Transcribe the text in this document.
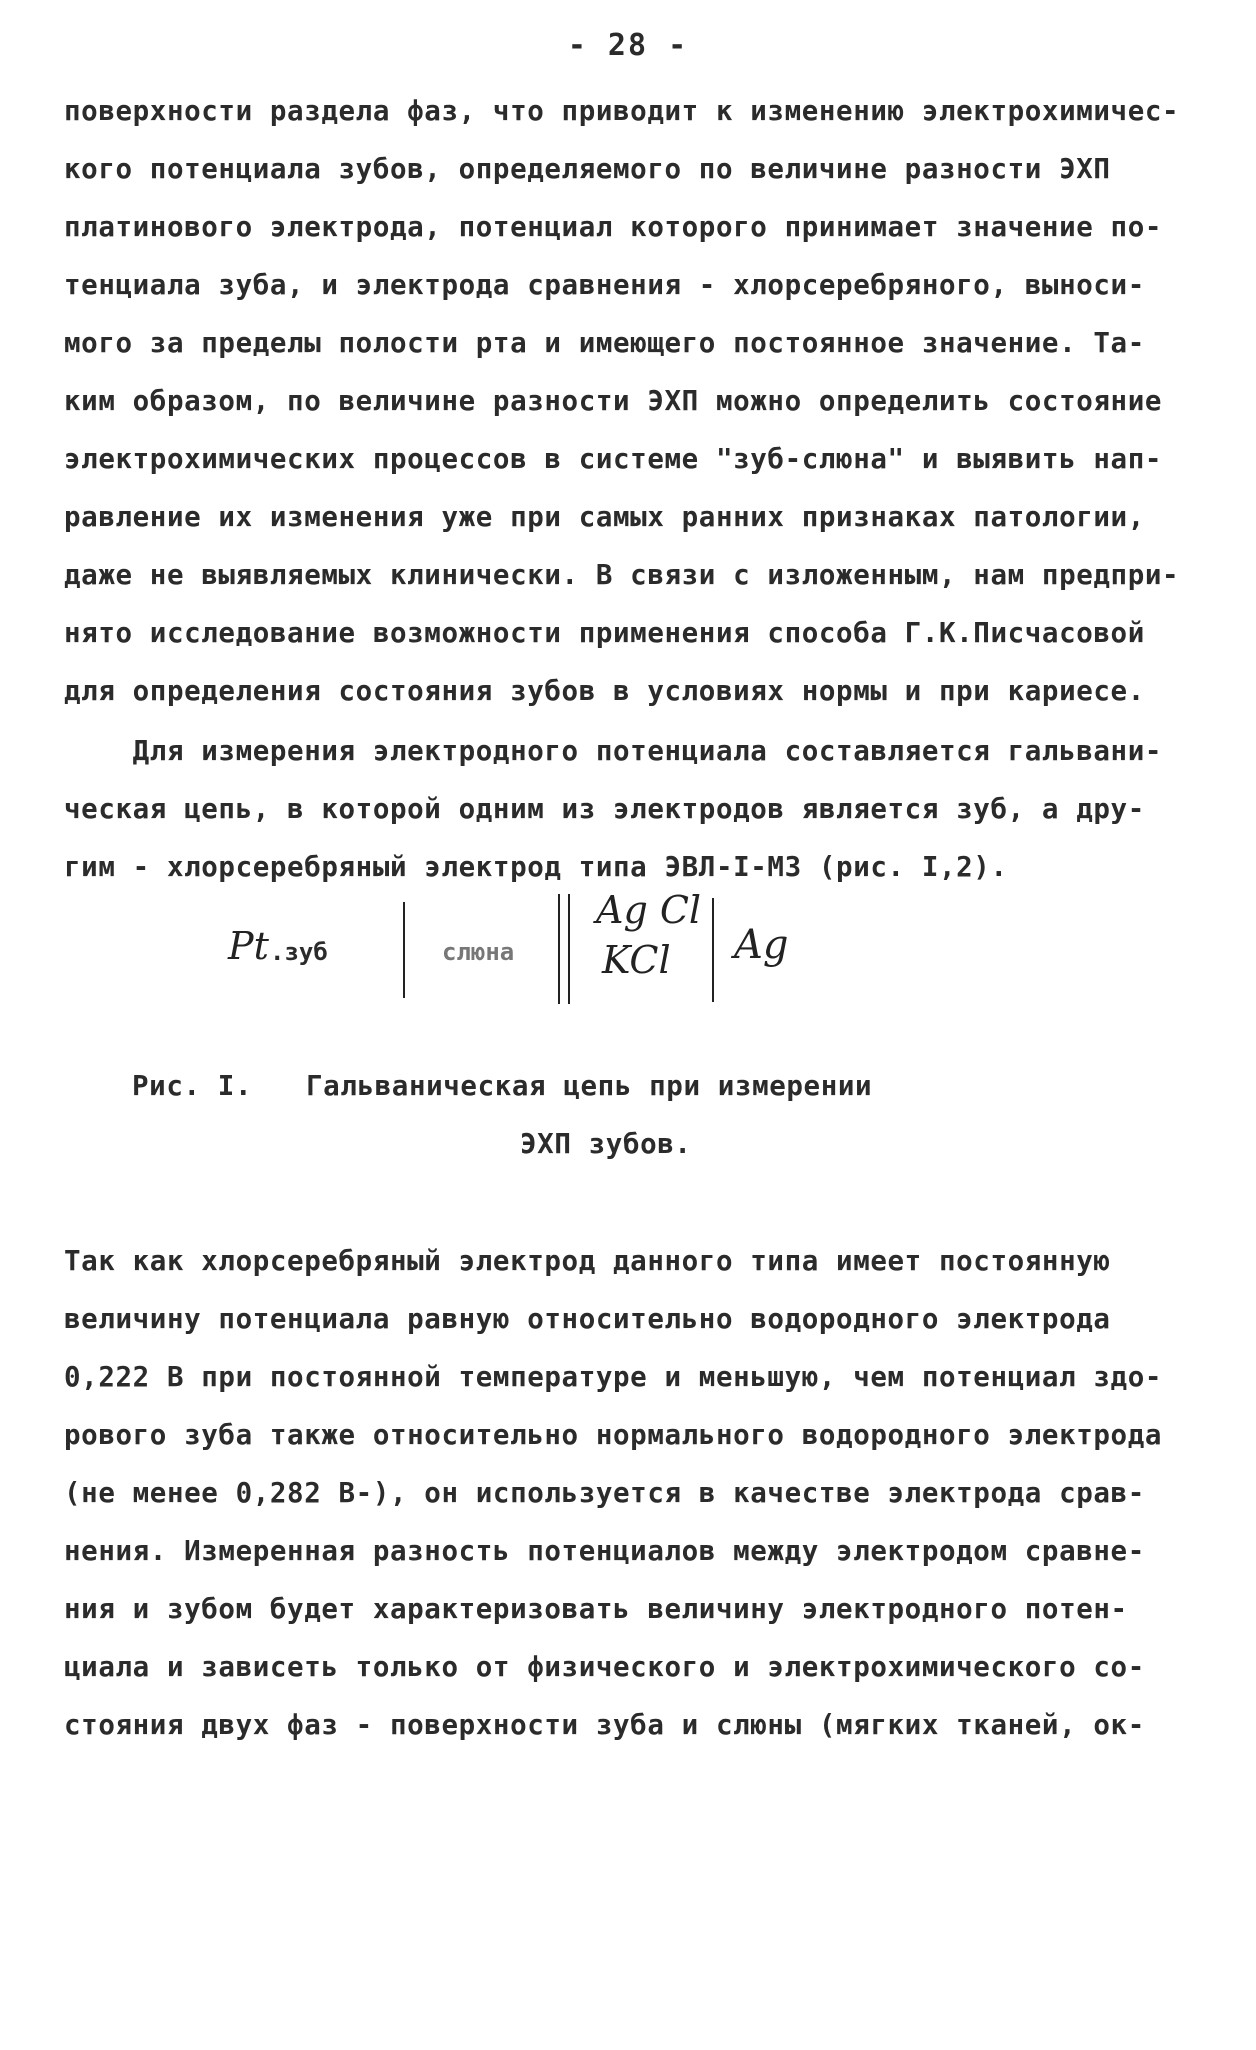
- 28 -
поверхности раздела фаз, что приводит к изменению электрохимичес-
кого потенциала зубов, определяемого по величине разности ЭХП
платинового электрода, потенциал которого принимает значение по-
тенциала зуба, и электрода сравнения - хлорсеребряного, выноси-
мого за пределы полости рта и имеющего постоянное значение. Та-
ким образом, по величине разности ЭХП можно определить состояние
электрохимических процессов в системе "зуб-слюна" и выявить нап-
равление их изменения уже при самых ранних признаках патологии,
даже не выявляемых клинически. В связи с изложенным, нам предпри-
нято исследование возможности применения способа Г.К.Писчасовой
для определения состояния зубов в условиях нормы и при кариесе.
Для измерения электродного потенциала составляется гальвани-
ческая цепь, в которой одним из электродов является зуб, а дру-
гим - хлорсеребряный электрод типа ЭВЛ-I-МЗ (рис. I,2).
Pt .зуб	слюна
Ag Cl
KCl Ag
Рис. I. Гальваническая цепь при измерении
ЭХП зубов.
Так как хлорсеребряный электрод данного типа имеет постоянную
величину потенциала равную относительно водородного электрода
0,222 В при постоянной температуре и меньшую, чем потенциал здо-
рового зуба также относительно нормального водородного электрода
(не менее 0,282 В-), он используется в качестве электрода срав-
нения. Измеренная разность потенциалов между электродом сравне-
ния и зубом будет характеризовать величину электродного потен-
циала и зависеть только от физического и электрохимического со-
стояния двух фаз - поверхности зуба и слюны (мягких тканей, ок-
